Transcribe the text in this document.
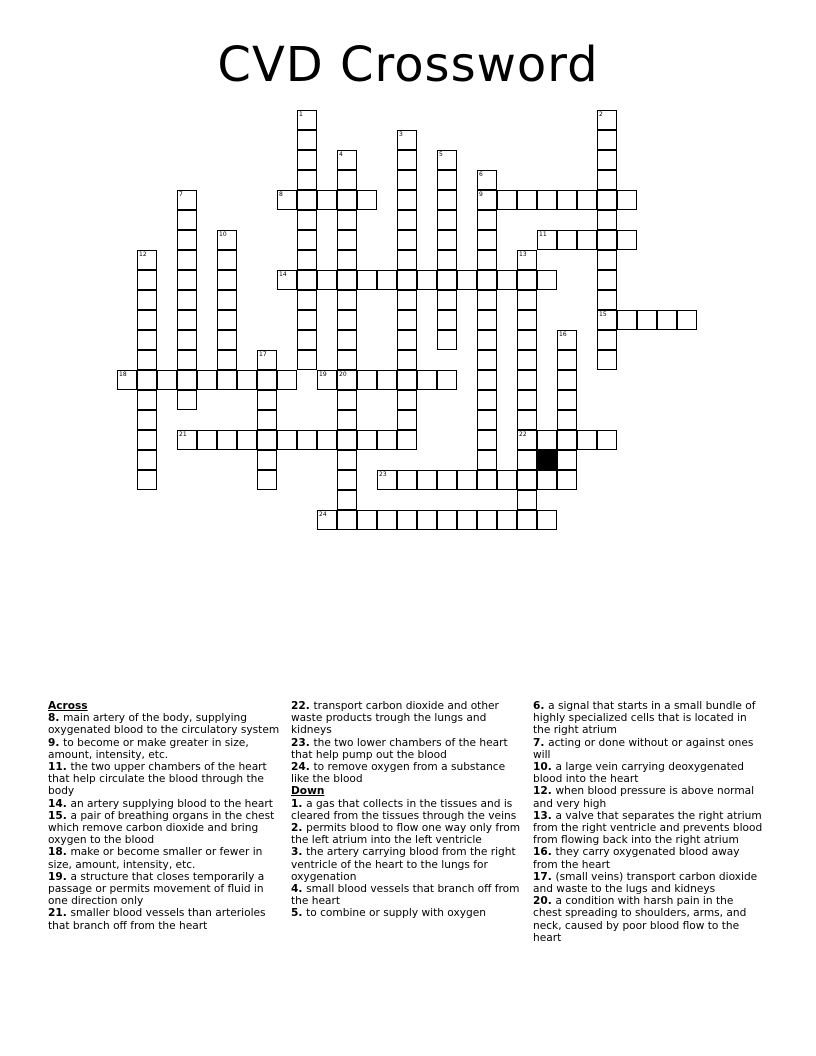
CVD Crossword
1	2
15
3
4
20
5
6
9
7	8
10	11
12	13
22
14
16
17
18	19
21
23
24
Across
8. main artery of the body, supplying oxygenated blood to the circulatory system
9. to become or make greater in size, amount, intensity, etc.
11. the two upper chambers of the heart that help circulate the blood through the body
14. an artery supplying blood to the heart
15. a pair of breathing organs in the chest which remove carbon dioxide and bring oxygen to the blood
18. make or become smaller or fewer in size, amount, intensity, etc.
19. a structure that closes temporarily a passage or permits movement of fluid in one direction only
21. smaller blood vessels than arterioles that branch off from the heart
22. transport carbon dioxide and other waste products trough the lungs and kidneys
23. the two lower chambers of the heart that help pump out the blood
24. to remove oxygen from a substance like the blood
Down
1. a gas that collects in the tissues and is cleared from the tissues through the veins
2. permits blood to flow one way only from the left atrium into the left ventricle
3. the artery carrying blood from the right ventricle of the heart to the lungs for oxygenation
4. small blood vessels that branch off from the heart
5. to combine or supply with oxygen
6. a signal that starts in a small bundle of highly specialized cells that is located in the right atrium
7. acting or done without or against ones will
10. a large vein carrying deoxygenated blood into the heart
12. when blood pressure is above normal and very high
13. a valve that separates the right atrium from the right ventricle and prevents blood from flowing back into the right atrium
16. they carry oxygenated blood away from the heart
17. (small veins) transport carbon dioxide and waste to the lugs and kidneys
20. a condition with harsh pain in the chest spreading to shoulders, arms, and neck, caused by poor blood flow to the heart
